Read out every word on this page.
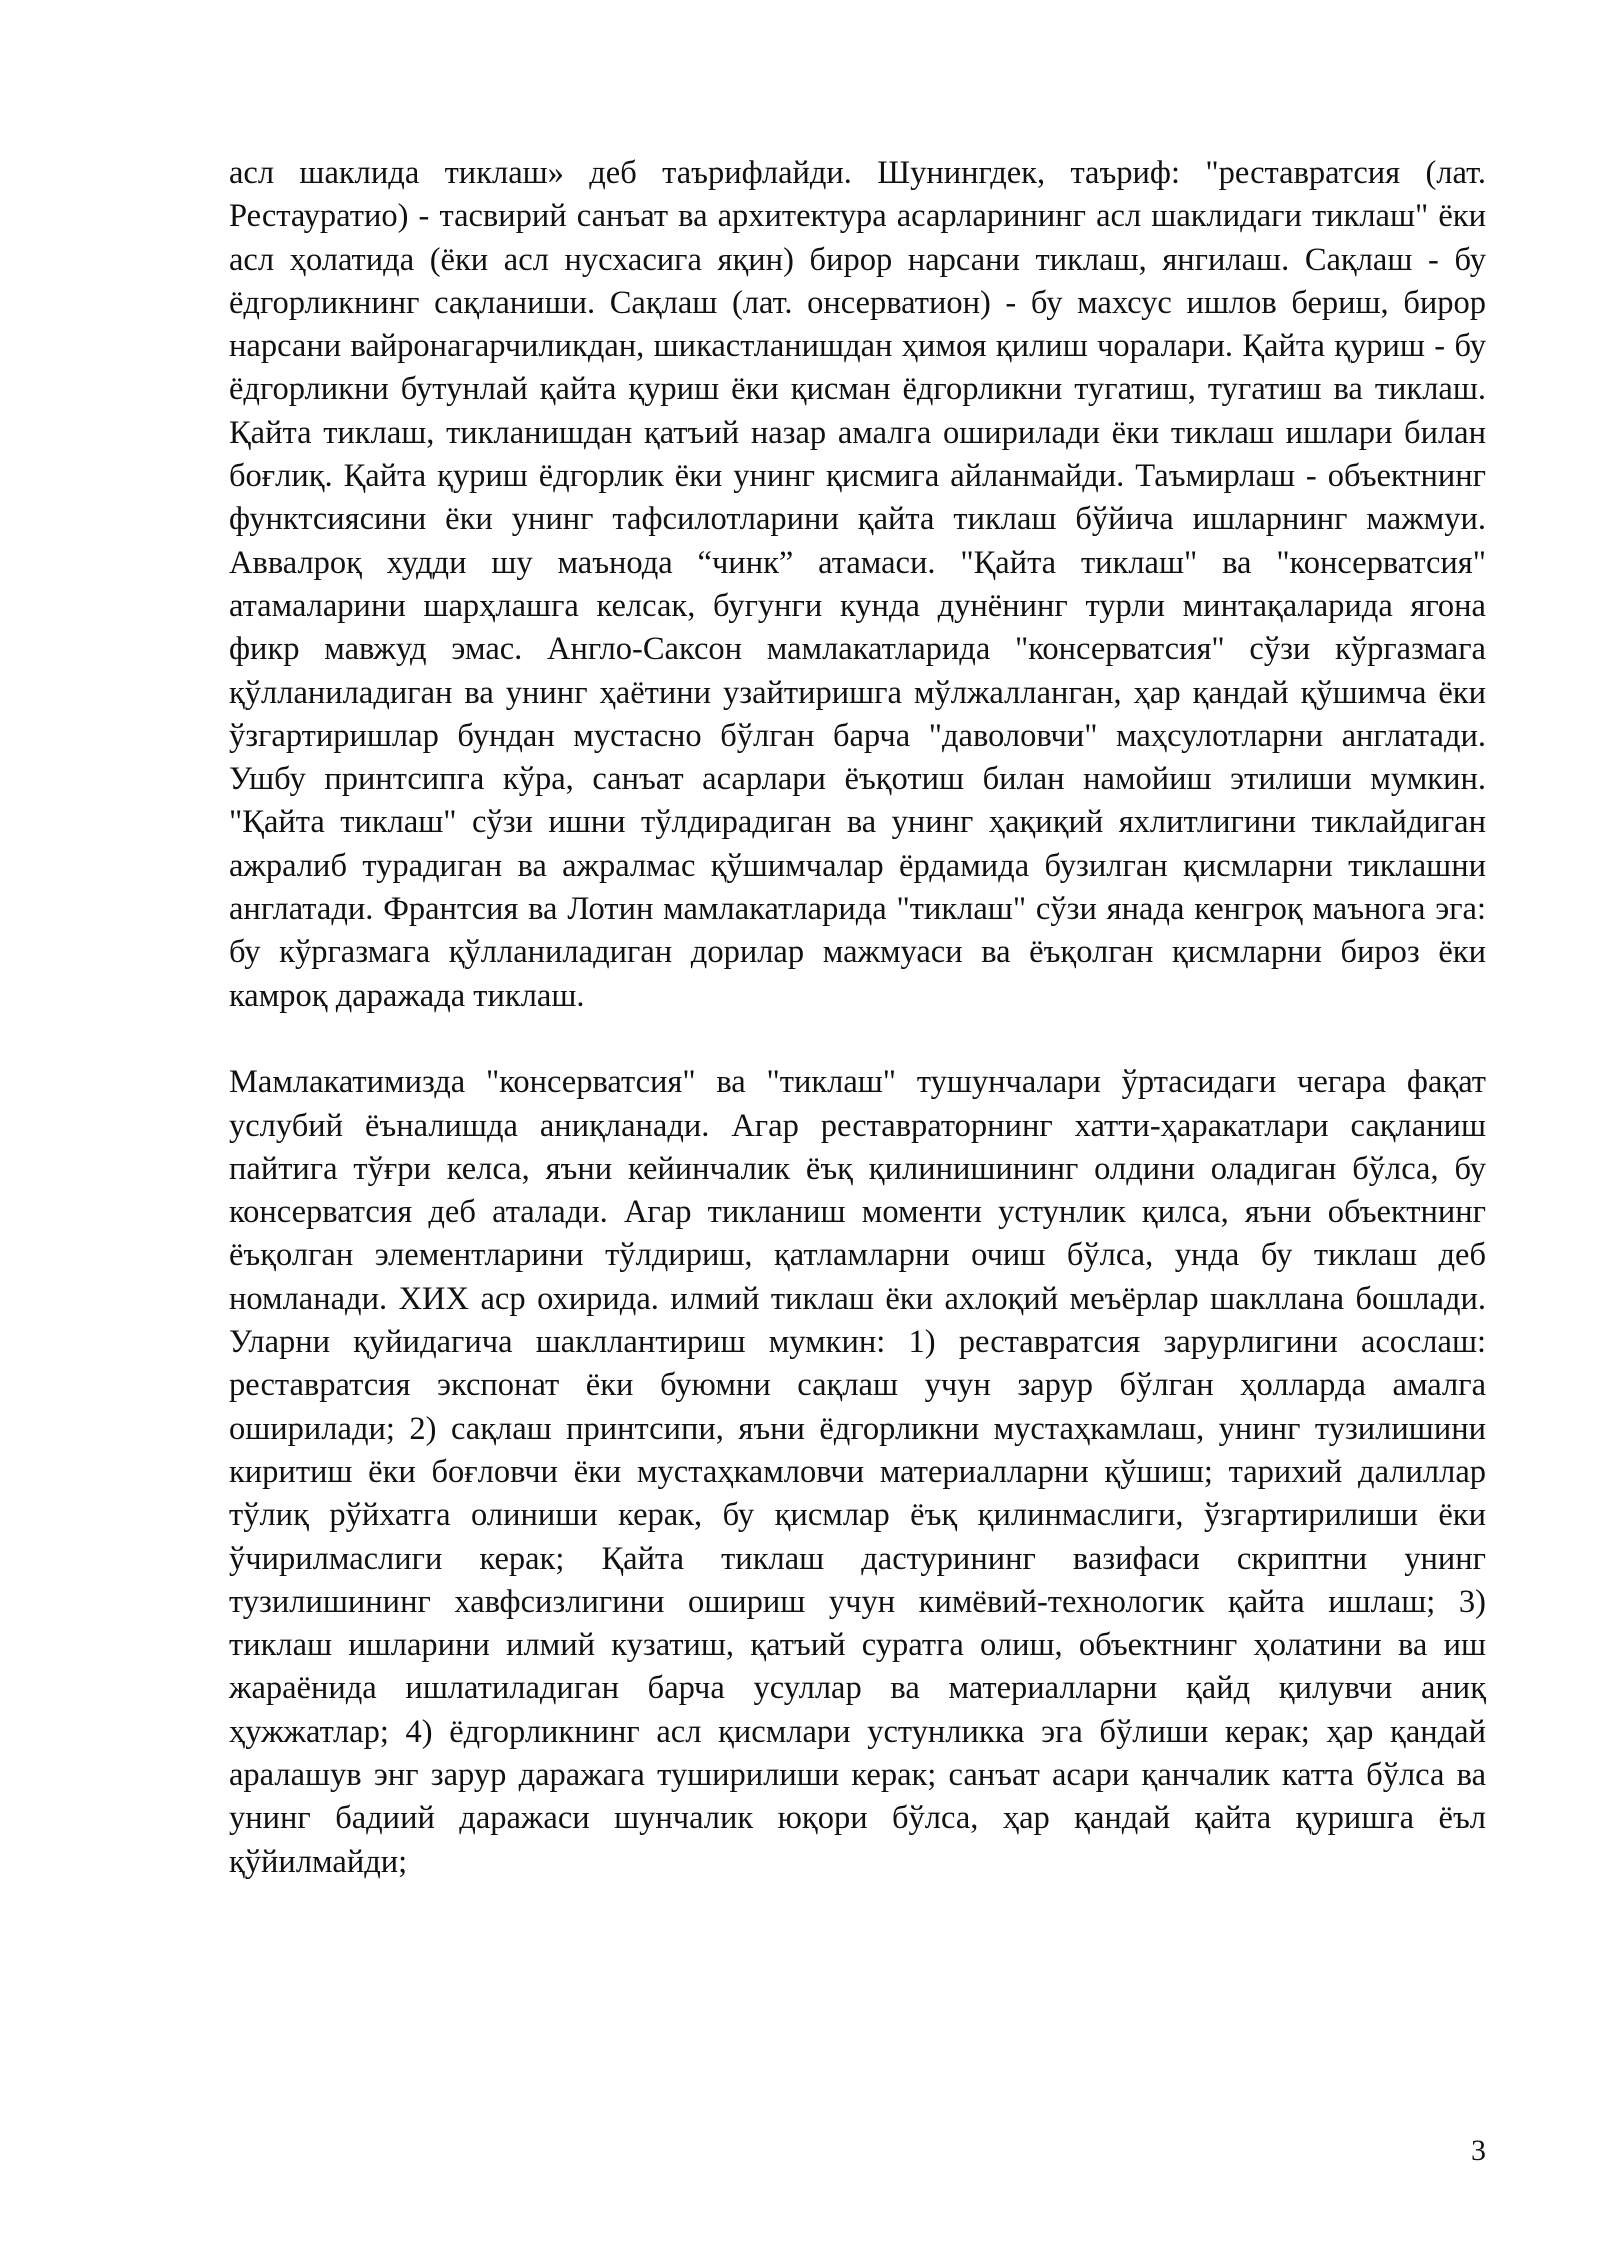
асл шаклида тиклаш» деб таърифлайди. Шунингдек, таъриф: "реставратсия (лат. Рестауратио) - тасвирий санъат ва архитектура асарларининг асл шаклидаги тиклаш" ёки асл ҳолатида (ёки асл нусхасига яқин) бирор нарсани тиклаш, янгилаш. Сақлаш - бу ёдгорликнинг сақланиши. Сақлаш (лат. онсерватион) - бу махсус ишлов бериш, бирор нарсани вайронагарчиликдан, шикастланишдан ҳимоя қилиш чоралари. Қайта қуриш - бу ёдгорликни бутунлай қайта қуриш ёки қисман ёдгорликни тугатиш, тугатиш ва тиклаш. Қайта тиклаш, тикланишдан қатъий назар амалга оширилади ёки тиклаш ишлари билан боғлиқ. Қайта қуриш ёдгорлик ёки унинг қисмига айланмайди. Таъмирлаш - объектнинг функтсиясини ёки унинг тафсилотларини қайта тиклаш бўйича ишларнинг мажмуи. Аввалроқ худди шу маънода “чинк” атамаси. "Қайта тиклаш" ва "консерватсия" атамаларини шарҳлашга келсак, бугунги кунда дунёнинг турли минтақаларида ягона фикр мавжуд эмас. Англо-Саксон мамлакатларида "консерватсия" сўзи кўргазмага қўлланиладиган ва унинг ҳаётини узайтиришга мўлжалланган, ҳар қандай қўшимча ёки ўзгартиришлар бундан мустасно бўлган барча "даволовчи" маҳсулотларни англатади. Ушбу принтсипга кўра, санъат асарлари ёъқотиш билан намойиш этилиши мумкин. "Қайта тиклаш" сўзи ишни тўлдирадиган ва унинг ҳақиқий яхлитлигини тиклайдиган ажралиб турадиган ва ажралмас қўшимчалар ёрдамида бузилган қисмларни тиклашни англатади. Франтсия ва Лотин мамлакатларида "тиклаш" сўзи янада кенгроқ маънога эга: бу кўргазмага қўлланиладиган дорилар мажмуаси ва ёъқолган қисмларни бироз ёки камроқ даражада тиклаш.

Мамлакатимизда "консерватсия" ва "тиклаш" тушунчалари ўртасидаги чегара фақат услубий ёъналишда аниқланади. Агар реставраторнинг хатти-ҳаракатлари сақланиш пайтига тўғри келса, яъни кейинчалик ёъқ қилинишининг олдини оладиган бўлса, бу консерватсия деб аталади. Агар тикланиш моменти устунлик қилса, яъни объектнинг ёъқолган элементларини тўлдириш, қатламларни очиш бўлса, унда бу тиклаш деб номланади. ХИХ аср охирида. илмий тиклаш ёки ахлоқий меъёрлар шакллана бошлади. Уларни қуйидагича шакллантириш мумкин: 1) реставратсия зарурлигини асослаш: реставратсия экспонат ёки буюмни сақлаш учун зарур бўлган ҳолларда амалга оширилади; 2) сақлаш принтсипи, яъни ёдгорликни мустаҳкамлаш, унинг тузилишини киритиш ёки боғловчи ёки мустаҳкамловчи материалларни қўшиш; тарихий далиллар тўлиқ рўйхатга олиниши керак, бу қисмлар ёъқ қилинмаслиги, ўзгартирилиши ёки ўчирилмаслиги керак; Қайта тиклаш дастурининг вазифаси скриптни унинг тузилишининг хавфсизлигини ошириш учун кимёвий-технологик қайта ишлаш; 3) тиклаш ишларини илмий кузатиш, қатъий суратга олиш, объектнинг ҳолатини ва иш жараёнида ишлатиладиган барча усуллар ва материалларни қайд қилувчи аниқ ҳужжатлар; 4) ёдгорликнинг асл қисмлари устунликка эга бўлиши керак; ҳар қандай аралашув энг зарур даражага туширилиши керак; санъат асари қанчалик катта бўлса ва унинг бадиий даражаси шунчалик юқори бўлса, ҳар қандай қайта қуришга ёъл қўйилмайди;

3
